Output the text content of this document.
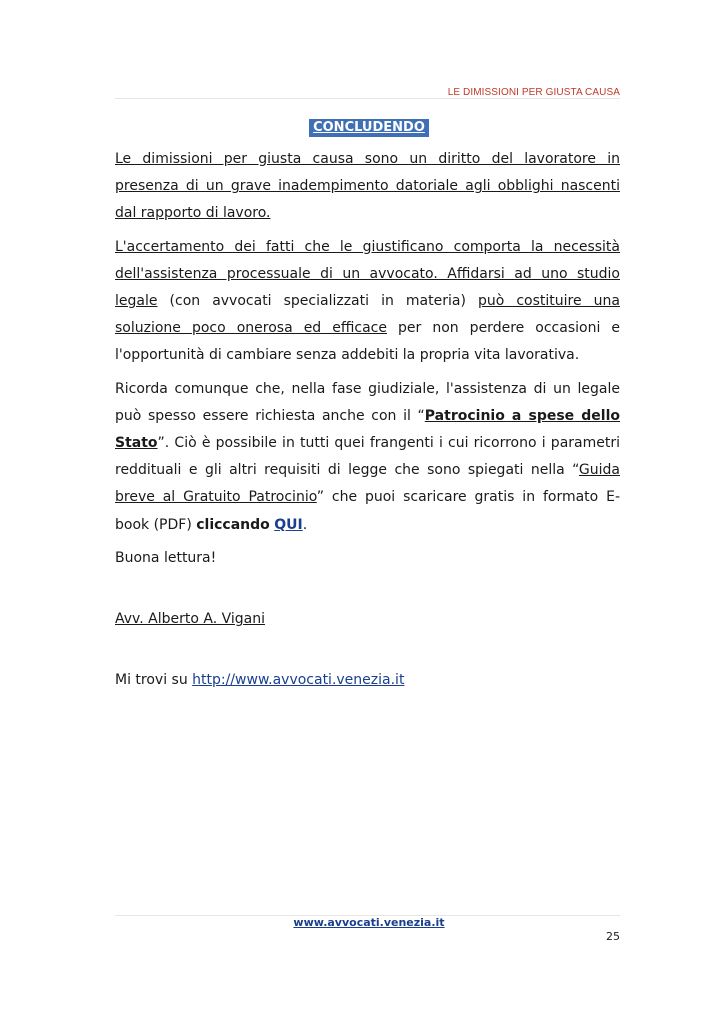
LE DIMISSIONI PER GIUSTA CAUSA
CONCLUDENDO

Le dimissioni per giusta causa sono un diritto del lavoratore in presenza di un grave inadempimento datoriale agli obblighi nascenti dal rapporto di lavoro.

L'accertamento dei fatti che le giustificano comporta la necessità dell'assistenza processuale di un avvocato. Affidarsi ad uno studio legale (con avvocati specializzati in materia) può costituire una soluzione poco onerosa ed efficace per non perdere occasioni e l'opportunità di cambiare senza addebiti la propria vita lavorativa.

Ricorda comunque che, nella fase giudiziale, l'assistenza di un legale può spesso essere richiesta anche con il “Patrocinio a spese dello Stato”. Ciò è possibile in tutti quei frangenti i cui ricorrono i parametri reddituali e gli altri requisiti di legge che sono spiegati nella “Guida breve al Gratuito Patrocinio” che puoi scaricare gratis in formato E- book (PDF) cliccando QUI.

Buona lettura!

Avv. Alberto A. Vigani

Mi trovi su http://www.avvocati.venezia.it

www.avvocati.venezia.it
25
